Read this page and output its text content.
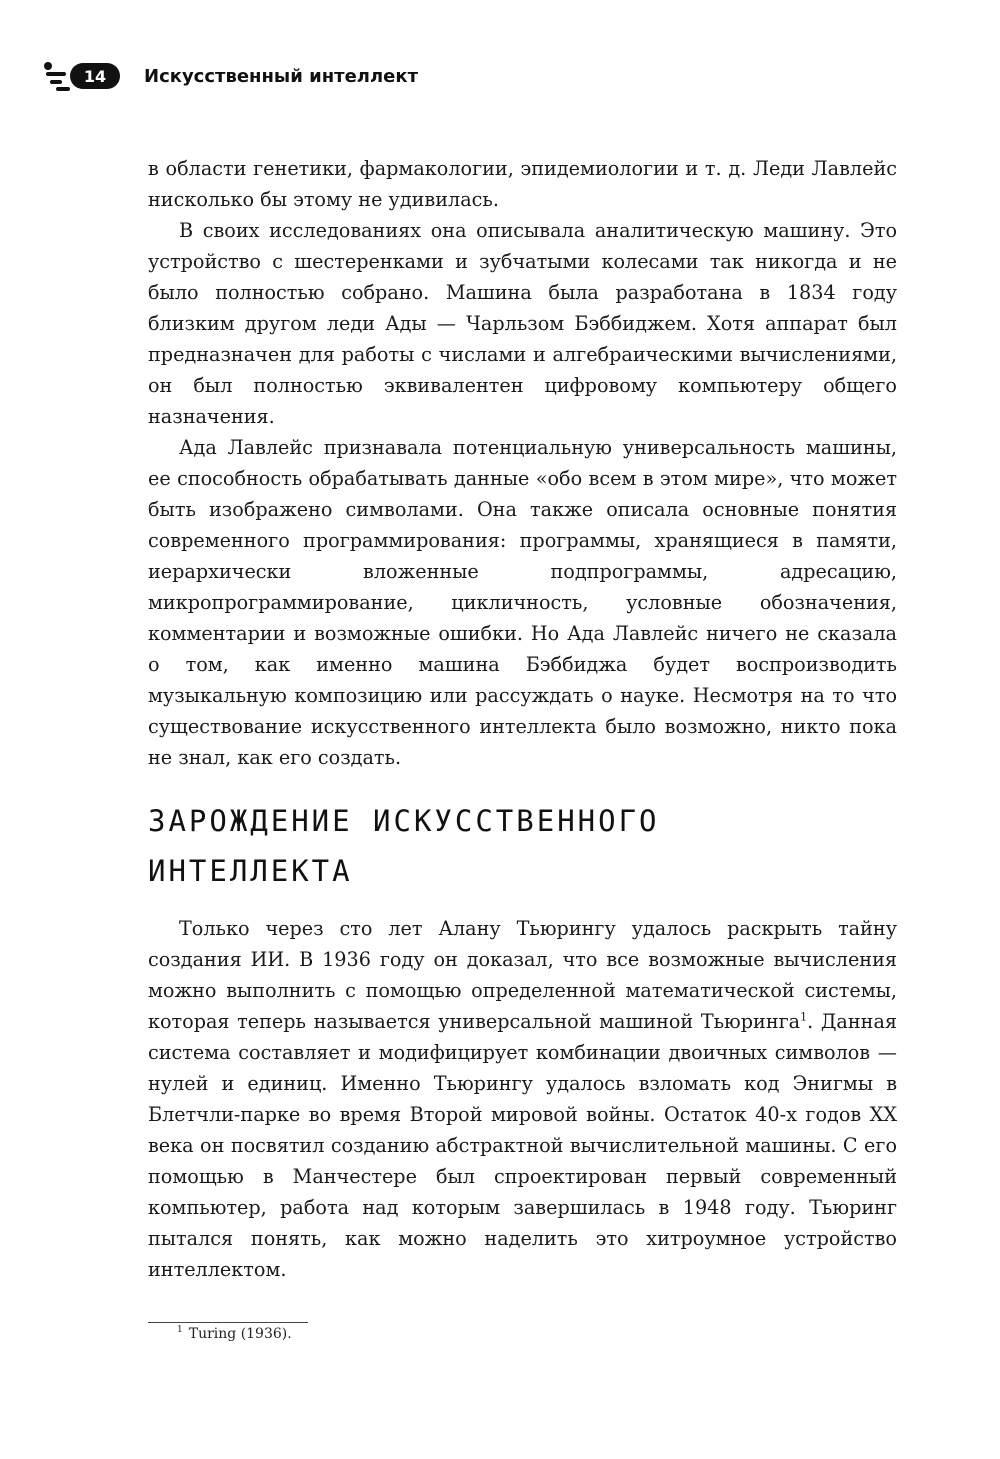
14	Искусственный интеллект

в области генетики, фармакологии, эпидемиологии и т. д. Леди Лавлейс нисколько бы этому не удивилась.

В своих исследованиях она описывала аналитическую машину. Это устройство с шестеренками и зубчатыми колесами так никогда и не было полностью собрано. Машина была разработана в 1834 году близким другом леди Ады — Чарльзом Бэббиджем. Хотя аппарат был предназначен для работы с числами и алгебраическими вычислениями, он был полностью эквивалентен цифровому компьютеру общего назначения.

Ада Лавлейс признавала потенциальную универсальность машины, ее способность обрабатывать данные «обо всем в этом мире», что может быть изображено символами. Она также описала основные понятия современного программирования: программы, хранящиеся в памяти, иерархически вложенные подпрограммы, адресацию, микропрограммирование, цикличность, условные обозначения, комментарии и возможные ошибки. Но Ада Лавлейс ничего не сказала о том, как именно машина Бэббиджа будет воспроизводить музыкальную композицию или рассуждать о науке. Несмотря на то что существование искусственного интеллекта было возможно, никто пока не знал, как его создать.

ЗАРОЖДЕНИЕ ИСКУССТВЕННОГО ИНТЕЛЛЕКТА

Только через сто лет Алану Тьюрингу удалось раскрыть тайну создания ИИ. В 1936 году он доказал, что все возможные вычисления можно выполнить с помощью определенной математической системы, которая теперь называется универсальной машиной Тьюринга$^1$. Данная система составляет и модифицирует комбинации двоичных символов — нулей и единиц. Именно Тьюрингу удалось взломать код Энигмы в Блетчли-парке во время Второй мировой войны. Остаток 40-х годов XX века он посвятил созданию абстрактной вычислительной машины. С его помощью в Манчестере был спроектирован первый современный компьютер, работа над которым завершилась в 1948 году. Тьюринг пытался понять, как можно наделить это хитроумное устройство интеллектом.

$^1$ Turing (1936).
